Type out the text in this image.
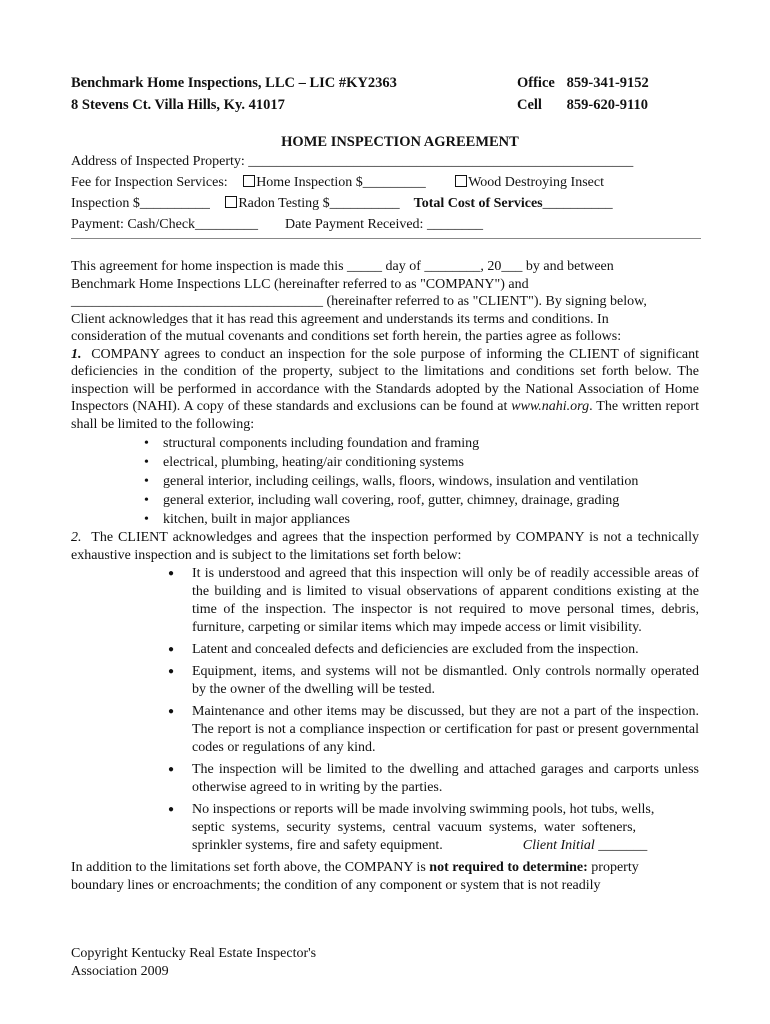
Benchmark Home Inspections, LLC – LIC #KY2363	Office 859-341-9152
8 Stevens Ct. Villa Hills, Ky. 41017	Cell 859-620-9110
HOME INSPECTION AGREEMENT
Address of Inspected Property: _______________________________________________________
Fee for Inspection Services: Home Inspection $_________	Wood Destroying Insect
Inspection $__________ Radon Testing $__________ Total Cost of Services__________
Payment: Cash/Check_________ Date Payment Received: ________
This agreement for home inspection is made this _____ day of ________, 20___ by and between
Benchmark Home Inspections LLC (hereinafter referred to as "COMPANY") and
____________________________________ (hereinafter referred to as "CLIENT"). By signing below,
Client acknowledges that it has read this agreement and understands its terms and conditions. In
consideration of the mutual covenants and conditions set forth herein, the parties agree as follows:
1. COMPANY agrees to conduct an inspection for the sole purpose of informing the CLIENT of significant deficiencies in the condition of the property, subject to the limitations and conditions set forth below. The inspection will be performed in accordance with the Standards adopted by the National Association of Home Inspectors (NAHI). A copy of these standards and exclusions can be found at www.nahi.org. The written report shall be limited to the following:
• structural components including foundation and framing
• electrical, plumbing, heating/air conditioning systems
• general interior, including ceilings, walls, floors, windows, insulation and ventilation
• general exterior, including wall covering, roof, gutter, chimney, drainage, grading
• kitchen, built in major appliances
2. The CLIENT acknowledges and agrees that the inspection performed by COMPANY is not a technically exhaustive inspection and is subject to the limitations set forth below:
● It is understood and agreed that this inspection will only be of readily accessible areas of the building and is limited to visual observations of apparent conditions existing at the time of the inspection. The inspector is not required to move personal times, debris, furniture, carpeting or similar items which may impede access or limit visibility.
● Latent and concealed defects and deficiencies are excluded from the inspection.
● Equipment, items, and systems will not be dismantled. Only controls normally operated by the owner of the dwelling will be tested.
● Maintenance and other items may be discussed, but they are not a part of the inspection. The report is not a compliance inspection or certification for past or present governmental codes or regulations of any kind.
● The inspection will be limited to the dwelling and attached garages and carports unless otherwise agreed to in writing by the parties.
● No inspections or reports will be made involving swimming pools, hot tubs, wells,
septic  systems,  security  systems,  central  vacuum  systems,  water  softeners,
sprinkler systems, fire and safety equipment.	Client Initial _______
In addition to the limitations set forth above, the COMPANY is not required to determine: property
boundary lines or encroachments; the condition of any component or system that is not readily
Copyright Kentucky Real Estate Inspector's
Association 2009
